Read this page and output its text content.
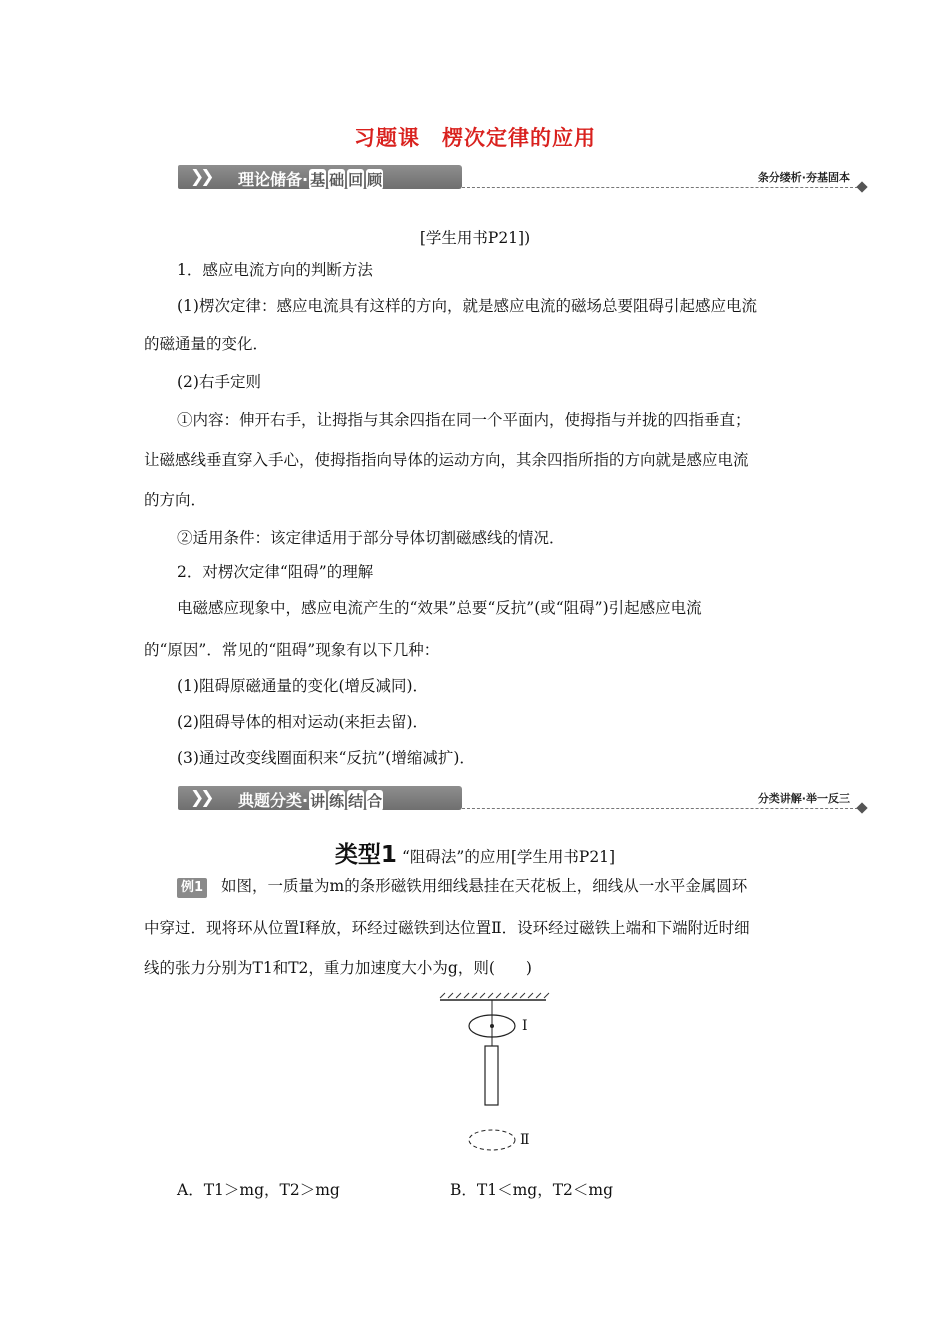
习题课　楞次定律的应用
❯❯ 理论储备· 基 础 回 顾	条分缕析·夯基固本
[学生用书P21])
1．感应电流方向的判断方法
(1)楞次定律：感应电流具有这样的方向，就是感应电流的磁场总要阻碍引起感应电流
的磁通量的变化．
(2)右手定则
①内容：伸开右手，让拇指与其余四指在同一个平面内，使拇指与并拢的四指垂直；
让磁感线垂直穿入手心，使拇指指向导体的运动方向，其余四指所指的方向就是感应电流
的方向．
②适用条件：该定律适用于部分导体切割磁感线的情况．
2．对楞次定律“阻碍”的理解
电磁感应现象中，感应电流产生的“效果”总要“反抗”(或“阻碍”)引起感应电流
的“原因”．常见的“阻碍”现象有以下几种：
(1)阻碍原磁通量的变化(增反减同)．
(2)阻碍导体的相对运动(来拒去留)．
(3)通过改变线圈面积来“反抗”(增缩减扩)．
❯❯ 典题分类· 讲 练 结 合	分类讲解·举一反三
类型1 “阻碍法”的应用[学生用书P21]
例1 如图，一质量为m的条形磁铁用细线悬挂在天花板上，细线从一水平金属圆环
中穿过．现将环从位置Ⅰ释放，环经过磁铁到达位置Ⅱ．设环经过磁铁上端和下端附近时细
线的张力分别为T1和T2，重力加速度大小为g，则(　　)
Ⅰ
Ⅱ
A．T1＞mg，T2＞mg	B．T1＜mg，T2＜mg
